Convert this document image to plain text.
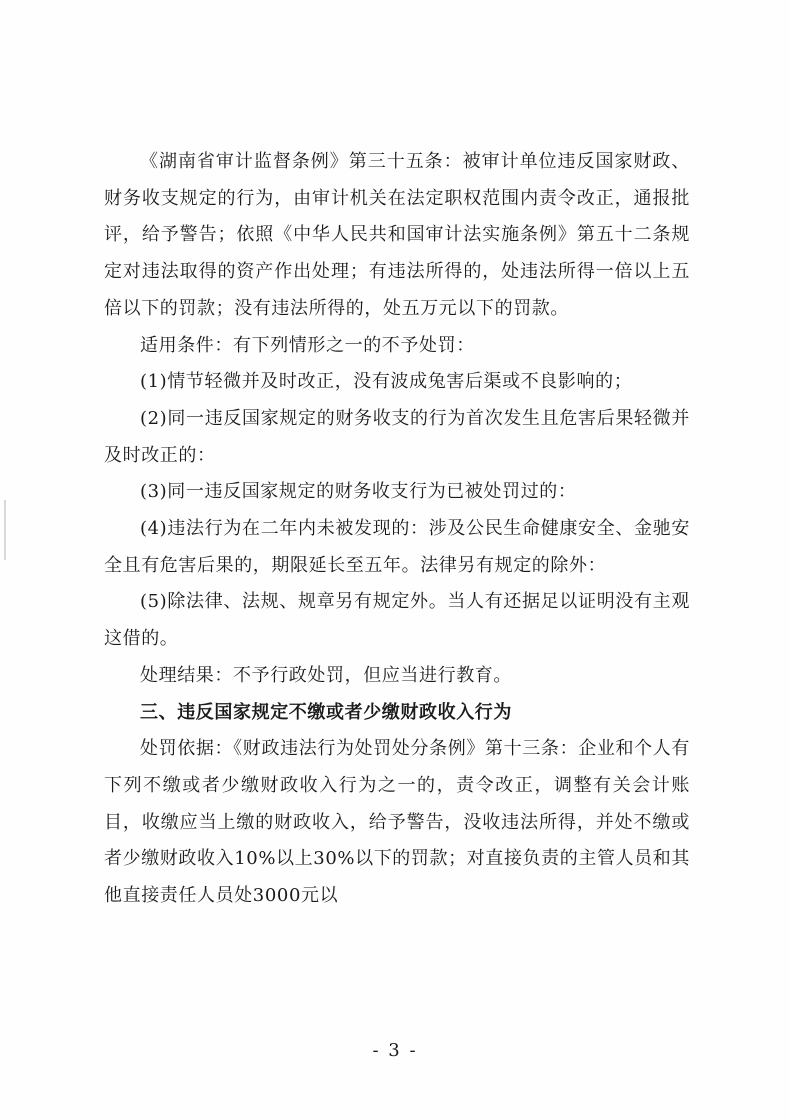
《湖南省审计监督条例》第三十五条：被审计单位违反国家财政、财务收支规定的行为，由审计机关在法定职权范围内责令改正，通报批评，给予警告；依照《中华人民共和国审计法实施条例》第五十二条规定对违法取得的资产作出处理；有违法所得的，处违法所得一倍以上五倍以下的罚款；没有违法所得的，处五万元以下的罚款。

适用条件：有下列情形之一的不予处罚：

(1)情节轻微并及时改正，没有波成兔害后渠或不良影响的；

(2)同一违反国家规定的财务收支的行为首次发生且危害后果轻微并及时改正的：

(3)同一违反国家规定的财务收支行为已被处罚过的：

(4)违法行为在二年内未被发现的：涉及公民生命健康安全、金驰安全且有危害后果的，期限延长至五年。法律另有规定的除外：

(5)除法律、法规、规章另有规定外。当人有还据足以证明没有主观这借的。

处理结果：不予行政处罚，但应当进行教育。

三、违反国家规定不缴或者少缴财政收入行为

处罚依据：《财政违法行为处罚处分条例》第十三条：企业和个人有下列不缴或者少缴财政收入行为之一的，责令改正，调整有关会计账目，收缴应当上缴的财政收入，给予警告，没收违法所得，并处不缴或者少缴财政收入10%以上30%以下的罚款；对直接负责的主管人员和其他直接责任人员处3000元以

- 3 -
